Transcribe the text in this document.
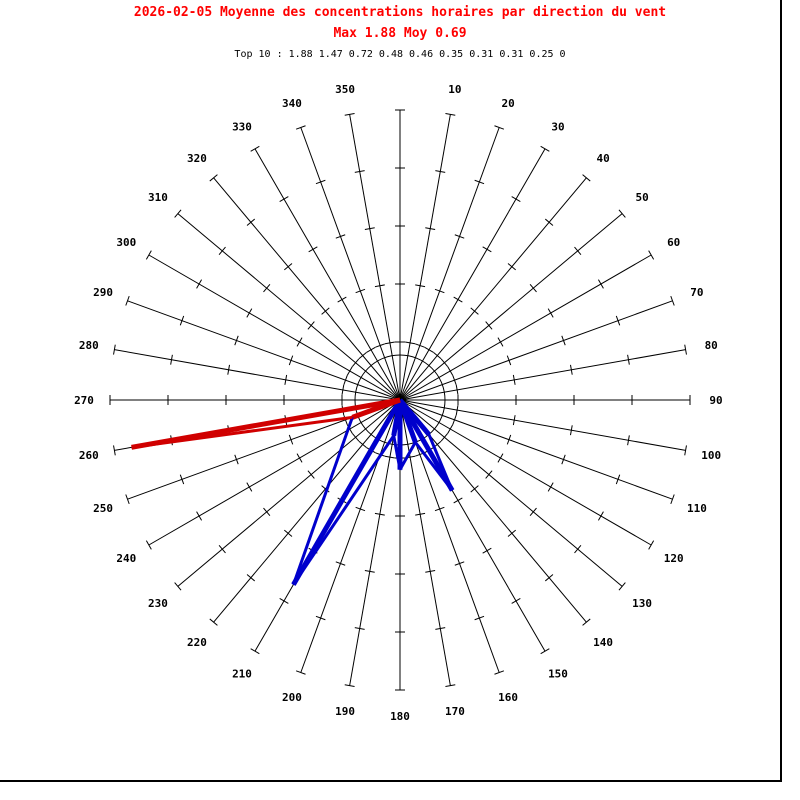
2026-02-05 Moyenne des concentrations horaires par direction du vent
Max 1.88 Moy 0.69
Top 10 : 1.88 1.47 0.72 0.48 0.46 0.35 0.31 0.31 0.25 0
10
20
30
40
50
60
70
80
90
100
110
120
130
140
150
160
170
180
190
200
210
220
230
240
250
260
270
280
290
300
310
320
330
340
350
